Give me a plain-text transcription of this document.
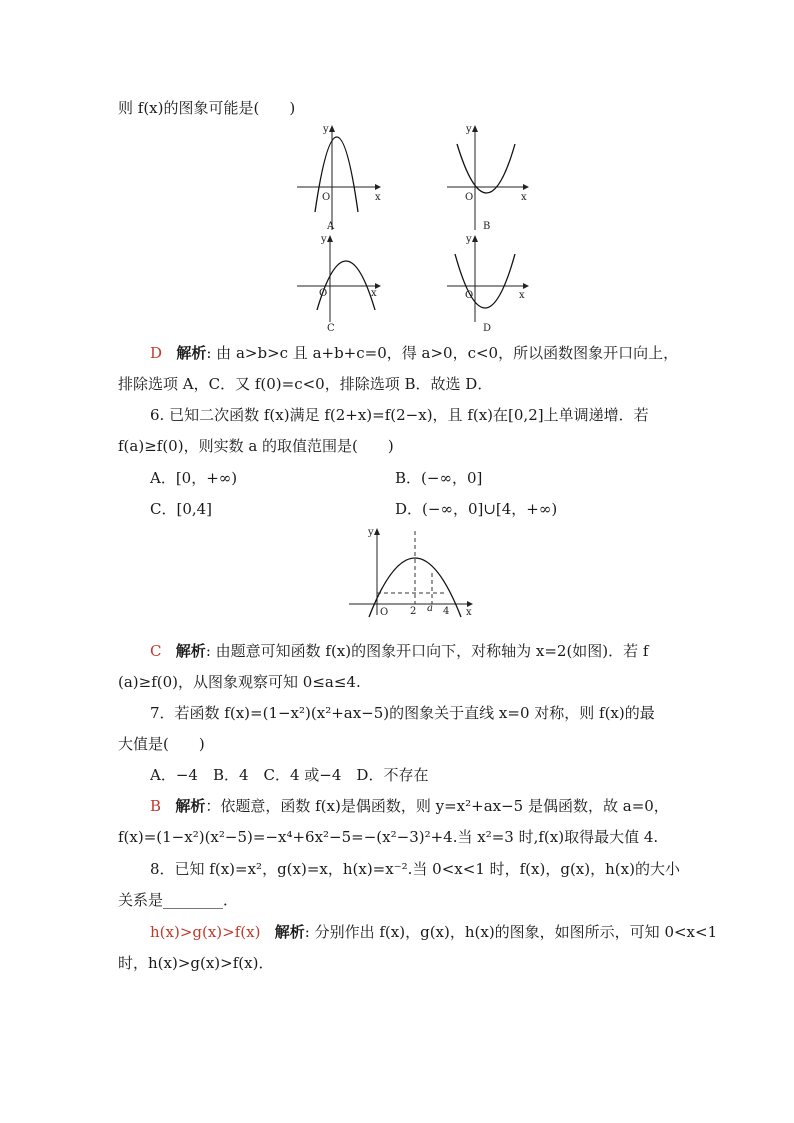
则 f(x)的图象可能是(　　)
y
x
O
A
y
x
O
B
y
x
O
C
y
x
O
D
D 解析: 由 a>b>c 且 a+b+c=0，得 a>0，c<0，所以函数图象开口向上，
排除选项 A，C．又 f(0)=c<0，排除选项 B．故选 D．
6. 已知二次函数 f(x)满足 f(2+x)=f(2−x)，且 f(x)在[0,2]上单调递增．若
f(a)≥f(0)，则实数 a 的取值范围是(　　)
A．[0，+∞)	B．(−∞，0]
C．[0,4]	D．(−∞，0]∪[4，+∞)
y
x
O 2 a 4
C 解析: 由题意可知函数 f(x)的图象开口向下，对称轴为 x=2(如图)．若 f
(a)≥f(0)，从图象观察可知 0≤a≤4.
7．若函数 f(x)=(1−x²)(x²+ax−5)的图象关于直线 x=0 对称，则 f(x)的最
大值是(　　)
A．−4　B．4　C．4 或−4　D．不存在
B 解析：依题意，函数 f(x)是偶函数，则 y=x²+ax−5 是偶函数，故 a=0，
f(x)=(1−x²)(x²−5)=−x⁴+6x²−5=−(x²−3)²+4.当 x²=3 时,f(x)取得最大值 4.
8．已知 f(x)=x²，g(x)=x，h(x)=x⁻².当 0<x<1 时，f(x)，g(x)，h(x)的大小
关系是________．
h(x)>g(x)>f(x) 解析: 分别作出 f(x)，g(x)，h(x)的图象，如图所示，可知 0<x<1
时，h(x)>g(x)>f(x)．
